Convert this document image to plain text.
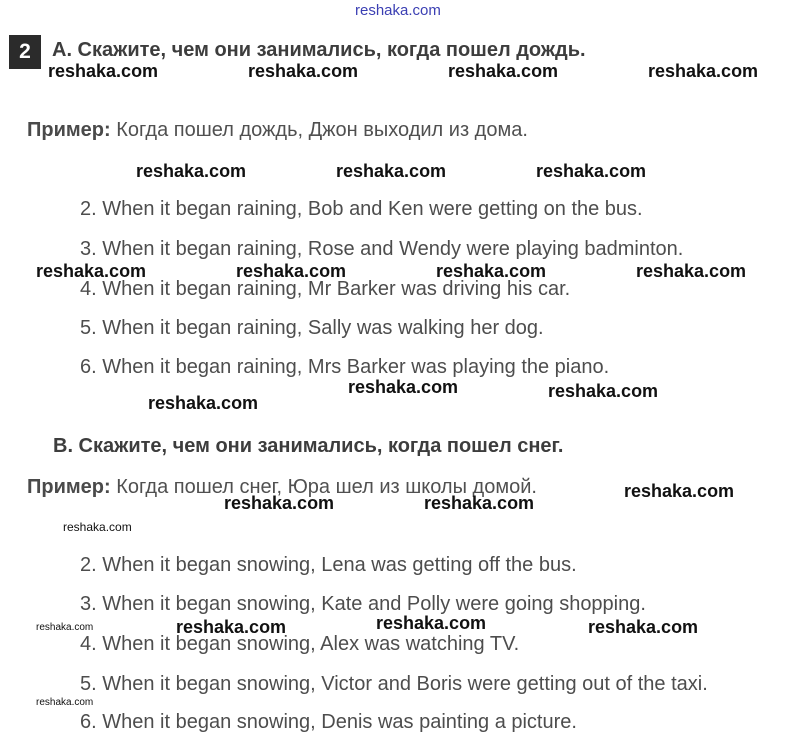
reshaka.com
2	A. Скажите, чем они занимались, когда пошел дождь.
Пример: Когда пошел дождь, Джон выходил из дома.
2. When it began raining, Bob and Ken were getting on the bus.
3. When it began raining, Rose and Wendy were playing badminton.
4. When it began raining, Mr Barker was driving his car.
5. When it began raining, Sally was walking her dog.
6. When it began raining, Mrs Barker was playing the piano.
B. Скажите, чем они занимались, когда пошел снег.
Пример: Когда пошел снег, Юра шел из школы домой.
2. When it began snowing, Lena was getting off the bus.
3. When it began snowing, Kate and Polly were going shopping.
4. When it began snowing, Alex was watching TV.
5. When it began snowing, Victor and Boris were getting out of the taxi.
6. When it began snowing, Denis was painting a picture.
reshaka.com	reshaka.com	reshaka.com	reshaka.com
reshaka.com	reshaka.com	reshaka.com
reshaka.com	reshaka.com	reshaka.com	reshaka.com
reshaka.com	reshaka.com
reshaka.com
reshaka.com
reshaka.com	reshaka.com
reshaka.com
reshaka.com
reshaka.com	reshaka.com
reshaka.com
reshaka.com
